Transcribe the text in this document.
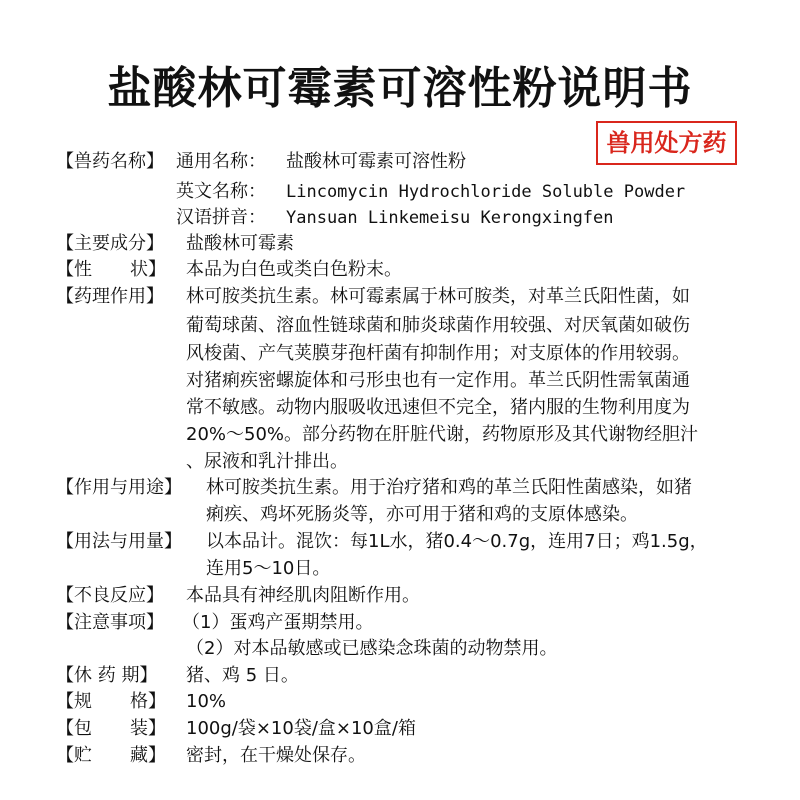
盐酸林可霉素可溶性粉说明书
兽用处方药
【兽药名称】 通用名称： 盐酸林可霉素可溶性粉
英文名称： Lincomycin Hydrochloride Soluble Powder
汉语拼音： Yansuan Linkemeisu Kerongxingfen
【主要成分】 盐酸林可霉素
【性 状】 本品为白色或类白色粉末。
【药理作用】 林可胺类抗生素。林可霉素属于林可胺类，对革兰氏阳性菌，如
葡萄球菌、溶血性链球菌和肺炎球菌作用较强、对厌氧菌如破伤
风梭菌、产气荚膜芽孢杆菌有抑制作用；对支原体的作用较弱。
对猪痢疾密螺旋体和弓形虫也有一定作用。革兰氏阴性需氧菌通
常不敏感。动物内服吸收迅速但不完全，猪内服的生物利用度为
20%～50%。部分药物在肝脏代谢，药物原形及其代谢物经胆汁
、尿液和乳汁排出。
【作用与用途】 林可胺类抗生素。用于治疗猪和鸡的革兰氏阳性菌感染，如猪
痢疾、鸡坏死肠炎等，亦可用于猪和鸡的支原体感染。
【用法与用量】 以本品计。混饮：每1L水，猪0.4～0.7g，连用7日；鸡1.5g，
连用5～10日。
【不良反应】 本品具有神经肌肉阻断作用。
【注意事项】 （1）蛋鸡产蛋期禁用。
（2）对本品敏感或已感染念珠菌的动物禁用。
【休 药 期】 猪、鸡 5 日。
【规 格】 10%
【包 装】 100g/袋×10袋/盒×10盒/箱
【贮 藏】 密封，在干燥处保存。
